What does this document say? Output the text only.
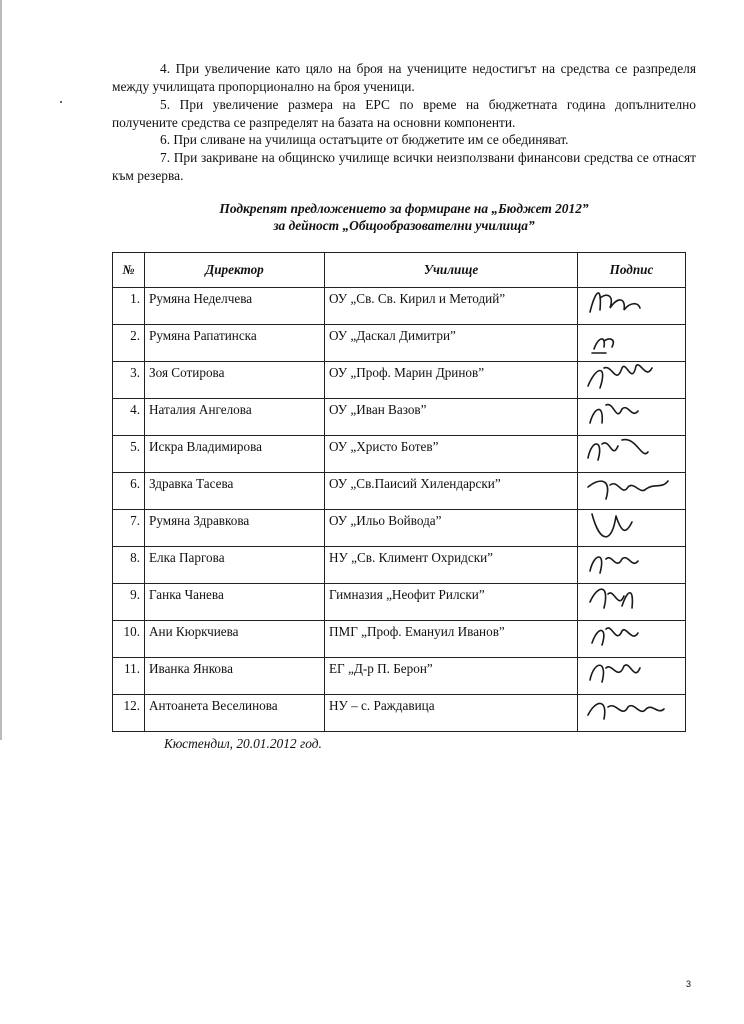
4. При увеличение като цяло на броя на учениците недостигът на средства се разпределя между училищата пропорционално на броя ученици.

5. При увеличение размера на ЕРС по време на бюджетната година допълнително получените средства се разпределят на базата на основни компоненти.

6. При сливане на училища остатъците от бюджетите им се обединяват.

7. При закриване на общинско училище всички неизползвани финансови средства се отнасят към резерва.

Подкрепят предложението за формиране на „Бюджет 2012”
за дейност „Общообразователни училища”
№	Директор	Училище	Подпис
1.	Румяна Неделчева	ОУ „Св. Св. Кирил и Методий”	

2.	Румяна Рапатинска	ОУ „Даскал Димитри”	

3.	Зоя Сотирова	ОУ „Проф. Марин Дринов”	

4.	Наталия Ангелова	ОУ „Иван Вазов”	

5.	Искра Владимирова	ОУ „Христо Ботев”	

6.	Здравка Тасева	ОУ „Св.Паисий Хилендарски”	

7.	Румяна Здравкова	ОУ „Ильо Войвода”	

8.	Елка Паргова	НУ „Св. Климент Охридски”	

9.	Ганка Чанева	Гимназия „Неофит Рилски”	

10.	Ани Кюркчиева	ПМГ „Проф. Емануил Иванов”	

11.	Иванка Янкова	ЕГ „Д-р П. Берон”	

12.	Антоанета Веселинова	НУ – с. Раждавица	
Кюстендил, 20.01.2012 год.
3
